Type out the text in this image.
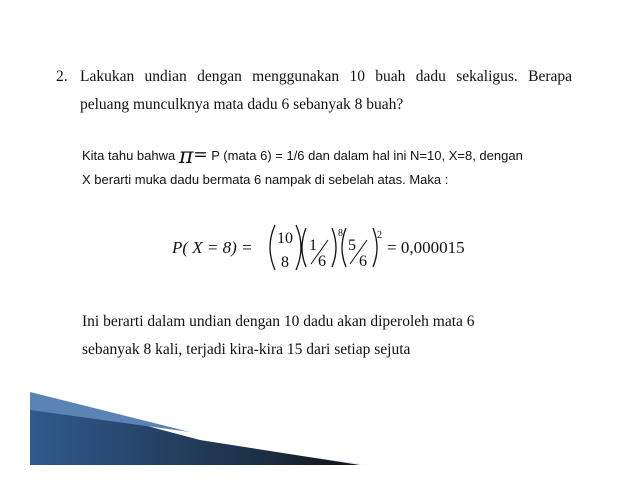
2. Lakukan undian dengan menggunakan 10 buah dadu sekaligus. Berapa
peluang munculknya mata dadu 6 sebanyak 8 buah?
Kita tahu bahwa π= P (mata 6) = 1/6 dan dalam hal ini N=10, X=8, dengan
X berarti muka dadu bermata 6 nampak di sebelah atas. Maka :
P( X = 8) = 10
8
1
6
8
5
6
2
= 0,000015
Ini berarti dalam undian dengan 10 dadu akan diperoleh mata 6
sebanyak 8 kali, terjadi kira-kira 15 dari setiap sejuta
